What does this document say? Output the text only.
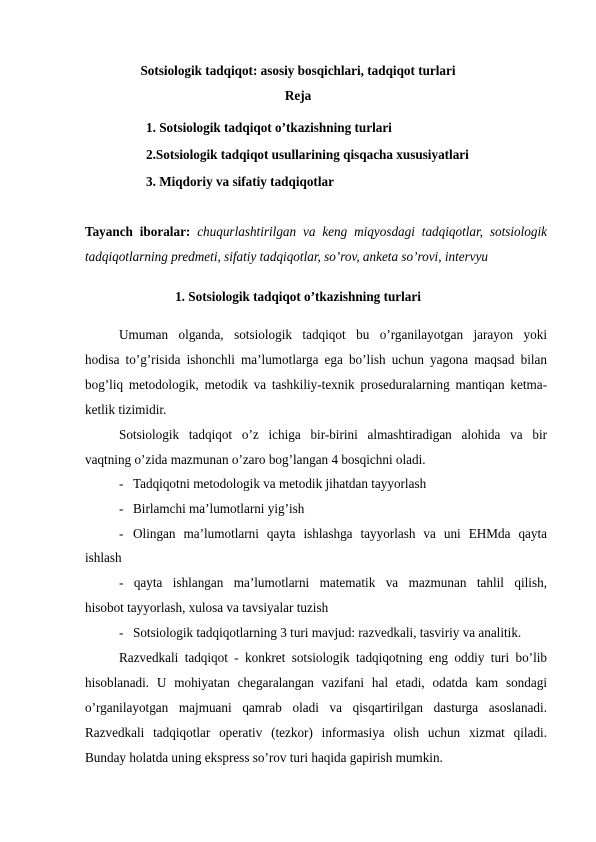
Sotsiologik tadqiqot: asosiy bosqichlari, tadqiqot turlari
Reja
1. Sotsiologik tadqiqot o’tkazishning turlari
2.Sotsiologik tadqiqot usullarining qisqacha xususiyatlari
3. Miqdoriy va sifatiy tadqiqotlar
Tayanch iboralar: chuqurlashtirilgan va keng miqyosdagi tadqiqotlar, sotsiologik
tadqiqotlarning predmeti, sifatiy tadqiqotlar, so’rov, anketa so’rovi, intervyu
1. Sotsiologik tadqiqot o’tkazishning turlari
Umuman olganda, sotsiologik tadqiqot bu o’rganilayotgan jarayon yoki
hodisa to’g’risida ishonchli ma’lumotlarga ega bo’lish uchun yagona maqsad bilan
bog’liq metodologik, metodik va tashkiliy-texnik proseduralarning mantiqan ketma-
ketlik tizimidir.
Sotsiologik tadqiqot o’z ichiga bir-birini almashtiradigan alohida va bir
vaqtning o’zida mazmunan o’zaro bog’langan 4 bosqichni oladi.
- Tadqiqotni metodologik va metodik jihatdan tayyorlash
- Birlamchi ma’lumotlarni yig’ish
- Olingan ma’lumotlarni qayta ishlashga tayyorlash va uni EHMda qayta
ishlash
- qayta ishlangan ma’lumotlarni matematik va mazmunan tahlil qilish,
hisobot tayyorlash, xulosa va tavsiyalar tuzish
- Sotsiologik tadqiqotlarning 3 turi mavjud: razvedkali, tasviriy va analitik.
Razvedkali tadqiqot - konkret sotsiologik tadqiqotning eng oddiy turi bo’lib
hisoblanadi. U mohiyatan chegaralangan vazifani hal etadi, odatda kam sondagi
o’rganilayotgan majmuani qamrab oladi va qisqartirilgan dasturga asoslanadi.
Razvedkali tadqiqotlar operativ (tezkor) informasiya olish uchun xizmat qiladi.
Bunday holatda uning ekspress so’rov turi haqida gapirish mumkin.
